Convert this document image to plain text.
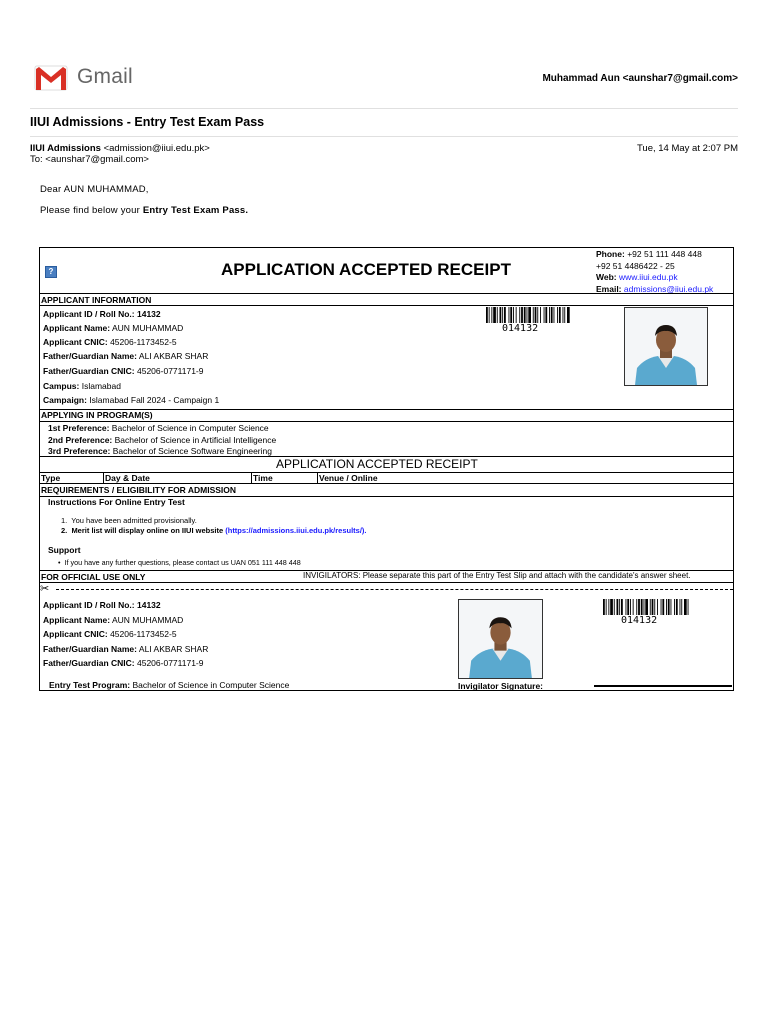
Gmail	Muhammad Aun <aunshar7@gmail.com>
IIUI Admissions - Entry Test Exam Pass
IIUI Admissions <admission@iiui.edu.pk>
To: <aunshar7@gmail.com>
Tue, 14 May at 2:07 PM
Dear AUN MUHAMMAD,
Please find below your Entry Test Exam Pass.
?	APPLICATION ACCEPTED RECEIPT
Phone: +92 51 111 448 448
+92 51 4486422 - 25
Web: www.iiui.edu.pk
Email: admissions@iiui.edu.pk
APPLICANT INFORMATION
Applicant ID / Roll No.: 14132
Applicant Name: AUN MUHAMMAD
Applicant CNIC: 45206-1173452-5
Father/Guardian Name: ALI AKBAR SHAR
Father/Guardian CNIC: 45206-0771171-9
Campus: Islamabad
Campaign: Islamabad Fall 2024 - Campaign 1
014132
APPLYING IN PROGRAM(S)
1st Preference: Bachelor of Science in Computer Science
2nd Preference: Bachelor of Science in Artificial Intelligence
3rd Preference: Bachelor of Science Software Engineering
APPLICATION ACCEPTED RECEIPT
Type	Day & Date	Time	Venue / Online
REQUIREMENTS / ELIGIBILITY FOR ADMISSION
Instructions For Online Entry Test
1.  You have been admitted provisionally.
2.  Merit list will display online on IIUI website (https://admissions.iiui.edu.pk/results/).
Support
•  If you have any further questions, please contact us UAN 051 111 448 448
FOR OFFICIAL USE ONLY	INVIGILATORS: Please separate this part of the Entry Test Slip and attach with the candidate's answer sheet.
✂
Applicant ID / Roll No.: 14132
Applicant Name: AUN MUHAMMAD
Applicant CNIC: 45206-1173452-5
Father/Guardian Name: ALI AKBAR SHAR
Father/Guardian CNIC: 45206-0771171-9
Entry Test Program: Bachelor of Science in Computer Science	Invigilator Signature:
014132
